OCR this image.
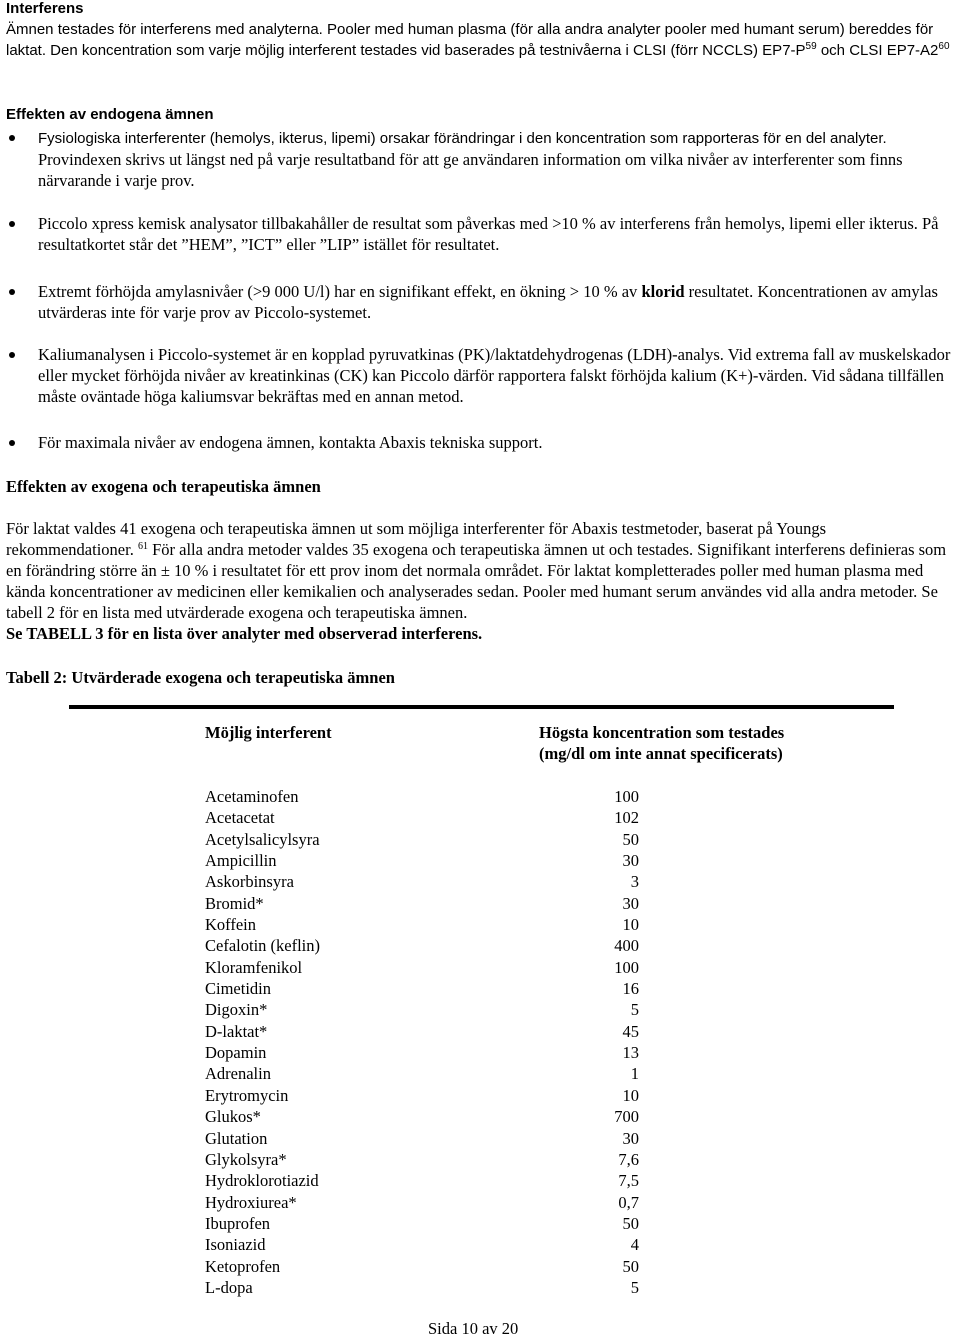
Interferens

Ämnen testades för interferens med analyterna. Pooler med human plasma (för alla andra analyter pooler med humant serum) bereddes för laktat. Den koncentration som varje möjlig interferent testades vid baserades på testnivåerna i CLSI (förr NCCLS) $EP7-P^{59}$ och CLSI $EP7-A2^{60}$

Effekten av endogena ämnen

Fysiologiska interferenter (hemolys, ikterus, lipemi) orsakar förändringar i den koncentration som rapporteras för en del analyter. Provindexen skrivs ut längst ned på varje resultatband för att ge användaren information om vilka nivåer av interferenter som finns närvarande i varje prov.

Piccolo xpress kemisk analysator tillbakahåller de resultat som påverkas med >10 % av interferens från hemolys, lipemi eller ikterus. På resultatkortet står det ”HEM”, ”ICT” eller ”LIP” istället för resultatet.

Extremt förhöjda amylasnivåer (>9 000 U/l) har en signifikant effekt, en ökning > 10 % av klorid resultatet. Koncentrationen av amylas utvärderas inte för varje prov av Piccolo-systemet.

Kaliumanalysen i Piccolo-systemet är en kopplad pyruvatkinas (PK)/laktatdehydrogenas (LDH)-analys. Vid extrema fall av muskelskador eller mycket förhöjda nivåer av kreatinkinas (CK) kan Piccolo därför rapportera falskt förhöjda kalium (K+)-värden. Vid sådana tillfällen måste oväntade höga kaliumsvar bekräftas med en annan metod.

För maximala nivåer av endogena ämnen, kontakta Abaxis tekniska support.

Effekten av exogena och terapeutiska ämnen

För laktat valdes 41 exogena och terapeutiska ämnen ut som möjliga interferenter för Abaxis testmetoder, baserat på Youngs rekommendationer. $^{61}$ För alla andra metoder valdes 35 exogena och terapeutiska ämnen ut och testades. Signifikant interferens definieras som en förändring större än ± 10 % i resultatet för ett prov inom det normala området. För laktat kompletterades poller med human plasma med kända koncentrationer av medicinen eller kemikalien och analyserades sedan. Pooler med humant serum användes vid alla andra metoder. Se tabell 2 för en lista med utvärderade exogena och terapeutiska ämnen.
Se TABELL 3 för en lista över analyter med observerad interferens.

Tabell 2: Utvärderade exogena och terapeutiska ämnen

Möjlig interferent	Högsta koncentration som testades
(mg/dl om inte annat specificerats)

Acetaminofen	100
Acetacetat	102
Acetylsalicylsyra	50
Ampicillin	30
Askorbinsyra	3
Bromid*	30
Koffein	10
Cefalotin (keflin)	400
Kloramfenikol	100
Cimetidin	16
Digoxin*	5
D-laktat*	45
Dopamin	13
Adrenalin	1
Erytromycin	10
Glukos*	700
Glutation	30
Glykolsyra*	7,6
Hydroklorotiazid	7,5
Hydroxiurea*	0,7
Ibuprofen	50
Isoniazid	4
Ketoprofen	50
L-dopa	5

Sida 10 av 20
